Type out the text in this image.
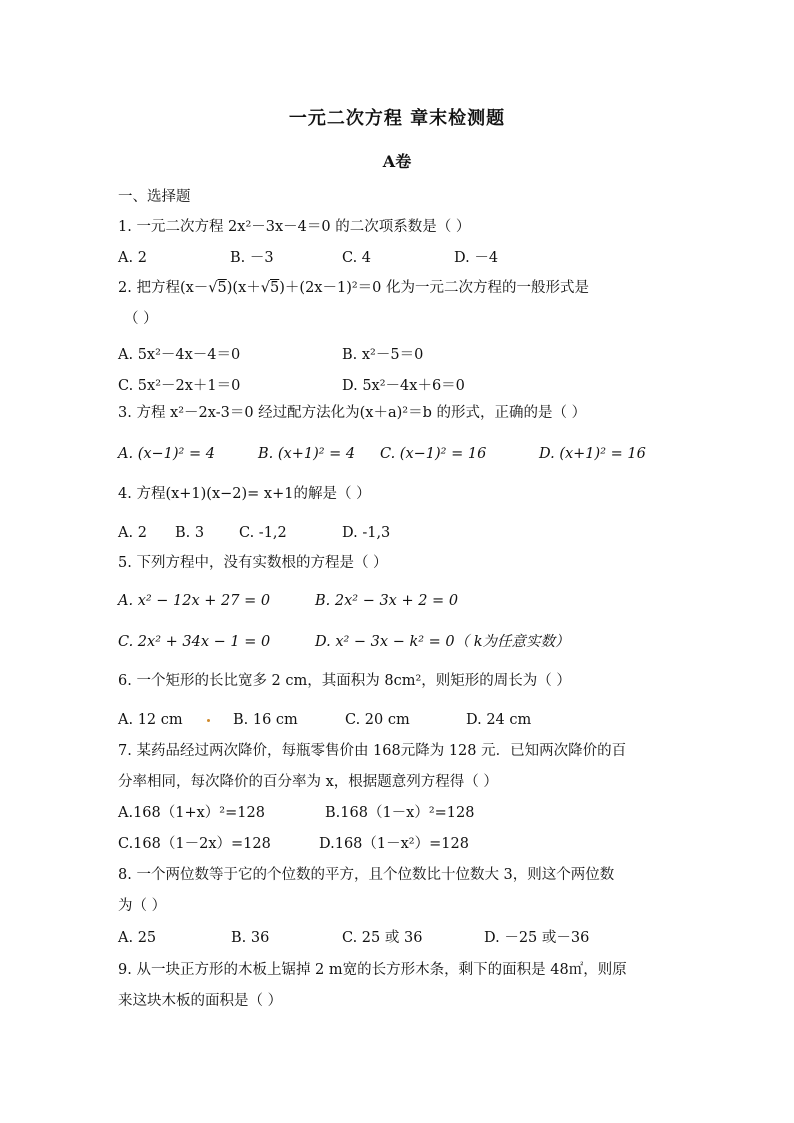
一元二次方程 章末检测题
A卷
一、选择题
1. 一元二次方程 2x²－3x－4＝0 的二次项系数是（ ）
A. 2	B. －3	C. 4	D. －4
2. 把方程(x－√5)(x＋√5)＋(2x－1)²＝0 化为一元二次方程的一般形式是
（ ）
A. 5x²－4x－4＝0	B. x²－5＝0
C. 5x²－2x＋1＝0	D. 5x²－4x＋6＝0
3. 方程 x²－2x-3＝0 经过配方法化为(x＋a)²＝b 的形式，正确的是（ ）
A. (x−1)² = 4	B. (x+1)² = 4 C. (x−1)² = 16	D. (x+1)² = 16
4. 方程(x+1)(x−2)= x+1的解是（ ）
A. 2 B. 3 C. -1,2	D. -1,3
5. 下列方程中，没有实数根的方程是（ ）
A. x² − 12x + 27 = 0	B. 2x² − 3x + 2 = 0
C. 2x² + 34x − 1 = 0	D. x² − 3x − k² = 0（ k为任意实数）
6. 一个矩形的长比宽多 2 cm，其面积为 8cm²，则矩形的周长为（ ）
A. 12 cm	B. 16 cm	C. 20 cm	D. 24 cm
7. 某药品经过两次降价，每瓶零售价由 168元降为 128 元．已知两次降价的百
分率相同，每次降价的百分率为 x，根据题意列方程得（ ）
A.168（1+x）²=128	B.168（1－x）²=128
C.168（1－2x）=128	D.168（1－x²）=128
8. 一个两位数等于它的个位数的平方，且个位数比十位数大 3，则这个两位数
为（ ）
A. 25	B. 36	C. 25 或 36	D. －25 或－36
9. 从一块正方形的木板上锯掉 2 m宽的长方形木条，剩下的面积是 48㎡，则原
来这块木板的面积是（ ）
